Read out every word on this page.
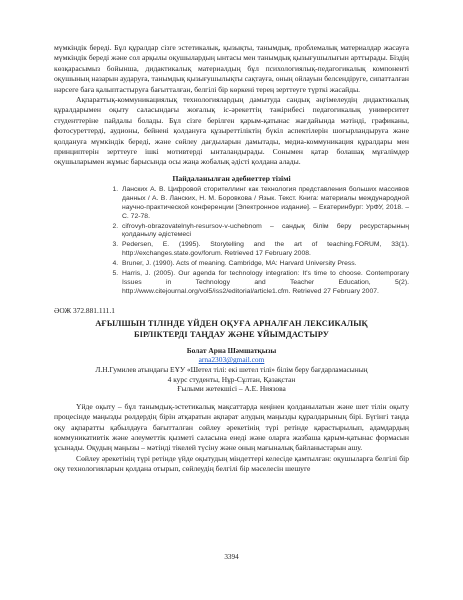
мүмкіндік береді. Бұл құралдар сізге эстетикалық, қызықты, танымдық, проблемалық материалдар жасауға мүмкіндік береді және сол арқылы оқушылардың ынтасы мен танымдық қызығушылығын арттырады. Біздің көзқарасымыз бойынша, дидактикалық материалдың бұл психологиялық-педагогикалық компоненті оқушының назарын аударуға, танымдық қызығушылықты сақтауға, оның ойлауын белсендіруге, сипатталған нәрсеге баға қалыптастыруға бағытталған, белгілі бір көркені терең зерттеуге түрткі жасайды.

Ақпараттық-коммуникациялық технологиялардың дамытуда сандық әңгімелеудің дидактикалық құралдарымен оқыту саласындағы жоғалық іс-әрекеттің тәжірибесі педагогикалық университет студенттеріне пайдалы болады. Бұл сізге берілген қарым-қатынас жағдайында мәтінді, графиканы, фотосуреттерді, аудионы, бейнені қолдануға құзыреттіліктің бүкіл аспектілерін шоғырландыруға және қолдануға мүмкіндік береді, және сөйлеу дағдыларын дамытады, медиа-коммуникация құралдары мен принциптерін зерттеуге ішкі мотивтерді ынталандырады. Сонымен қатар болашақ мұғалімдер оқушыларымен жұмыс барысында осы жаңа жобалық әдісті қолдана алады.

Пайдаланылған әдебиеттер тізімі
1. Ланских А. В. Цифровой сторителлинг как технология представления больших массивов данных / А. В. Ланских, Н. М. Боровкова / Язык. Текст. Книга: материалы международной научно-практической конференции [Электронное издание]. – Екатеринбург: УрФУ, 2018. – С. 72-78.
2. cifrovyh-obrazovatelnyh-resursov-v-uchebnom – сандық білім беру ресурстарының қолданылу әдістемесі
3. Pedersen, E. (1995). Storytelling and the art of teaching.FORUM, 33(1). http://exchanges.state.gov/forum. Retrieved 17 February 2008.
4. Bruner, J. (1990). Acts of meaning. Cambridge, MA: Harvard University Press.
5. Harris, J. (2005). Our agenda for technology integration: It's time to choose. Contemporary Issues in Technology and Teacher Education, 5(2). http://www.citejournal.org/vol5/iss2/editorial/article1.cfm. Retrieved 27 February 2007.
ӘОЖ 372.881.111.1
АҒЫЛШЫН ТІЛІНДЕ ҮЙДЕН ОҚУҒА АРНАЛҒАН ЛЕКСИКАЛЫҚ
БІРЛІКТЕРДІ ТАҢДАУ ЖӘНЕ ҰЙЫМДАСТЫРУ

Болат Арна Шәмшатқызы

arna2303@gmail.com

Л.Н.Гумилев атындағы ЕҰУ «Шетел тілі: екі шетел тілі» білім беру бағдарламасының

4 курс студенты, Нұр-Сұлтан, Қазақстан

Ғылыми жетекшісі – А.Е. Ниязова

Үйде оқыту – бұл танымдық-эстетикалық мақсаттарда кеңінен қолданылатын және шет тілін оқыту процесінде маңызды рөлдердің бірін атқаратын ақпарат алудың маңызды құралдарының бірі. Бүгінгі таңда оқу ақпаратты қабылдауға бағытталған сөйлеу әрекетінің түрі ретінде қарастырылып, адамдардың коммуникативтік және әлеуметтік қызметі саласына енеді және оларға жазбаша қарым-қатынас формасын ұсынады. Оқудың маңызы – мәтінді тікелей түсіну және оның мағыналық байланыстарын ашу.

Сөйлеу әрекетінің түрі ретінде үйде оқытудың міндеттері келесіде қамтылған: оқушыларға белгілі бір оқу технологияларын қолдана отырып, сөйлеудің белгілі бір мәселесін шешуге

3394
